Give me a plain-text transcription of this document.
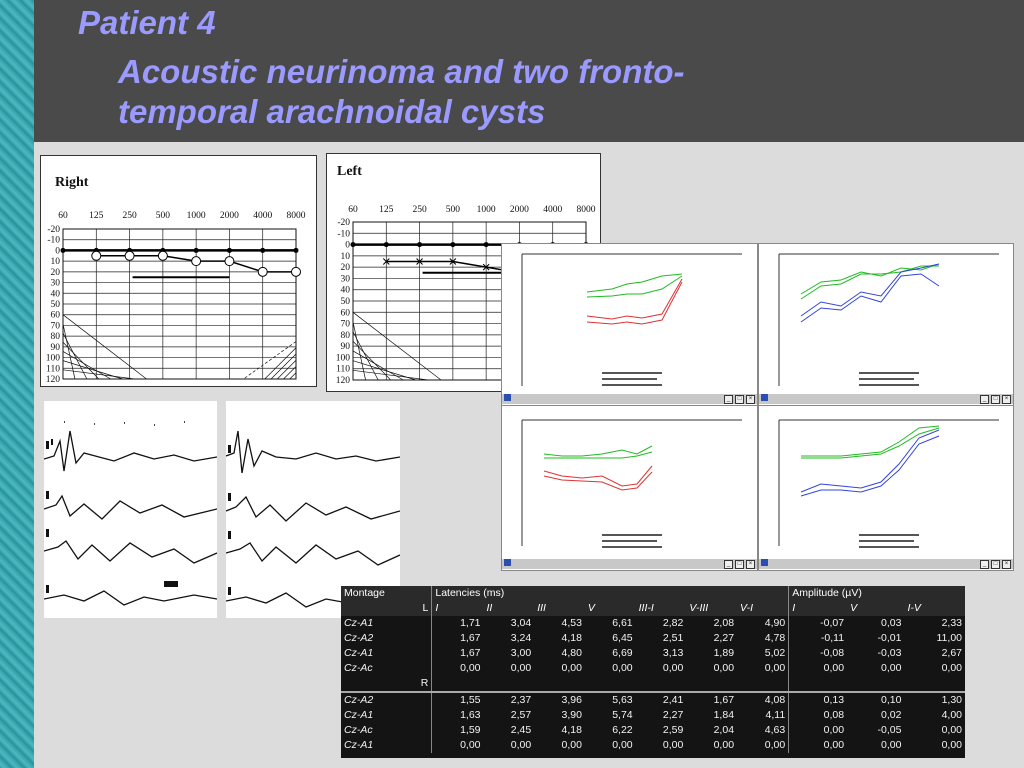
Patient 4
Acoustic neurinoma and two fronto-
temporal arachnoidal cysts
Right
60 125 250 500 1000 2000 4000 8000
-20
-10
0
10
20
30
40
50
60
70
80
90
100
110
120
Left
60 125 250 500 1000 2000 4000 8000
-20
-10
0
10
20
30
40
50
60
70
80
90
100
110
120
_	□	×	_	□	×
_	□	×	_	□	×
Montage	Latencies (ms)							Amplitude (µV)		
L	I	II	III	V	III-I	V-III	V-I	I	V	I-V
Cz-A1	1,71	3,04	4,53	6,61	2,82	2,08	4,90	-0,07	0,03	2,33
Cz-A2	1,67	3,24	4,18	6,45	2,51	2,27	4,78	-0,11	-0,01	11,00
Cz-A1	1,67	3,00	4,80	6,69	3,13	1,89	5,02	-0,08	-0,03	2,67
Cz-Ac	0,00	0,00	0,00	0,00	0,00	0,00	0,00	0,00	0,00	0,00
R										
Cz-A2	1,55	2,37	3,96	5,63	2,41	1,67	4,08	0,13	0,10	1,30
Cz-A1	1,63	2,57	3,90	5,74	2,27	1,84	4,11	0,08	0,02	4,00
Cz-Ac	1,59	2,45	4,18	6,22	2,59	2,04	4,63	0,00	-0,05	0,00
Cz-A1	0,00	0,00	0,00	0,00	0,00	0,00	0,00	0,00	0,00	0,00
